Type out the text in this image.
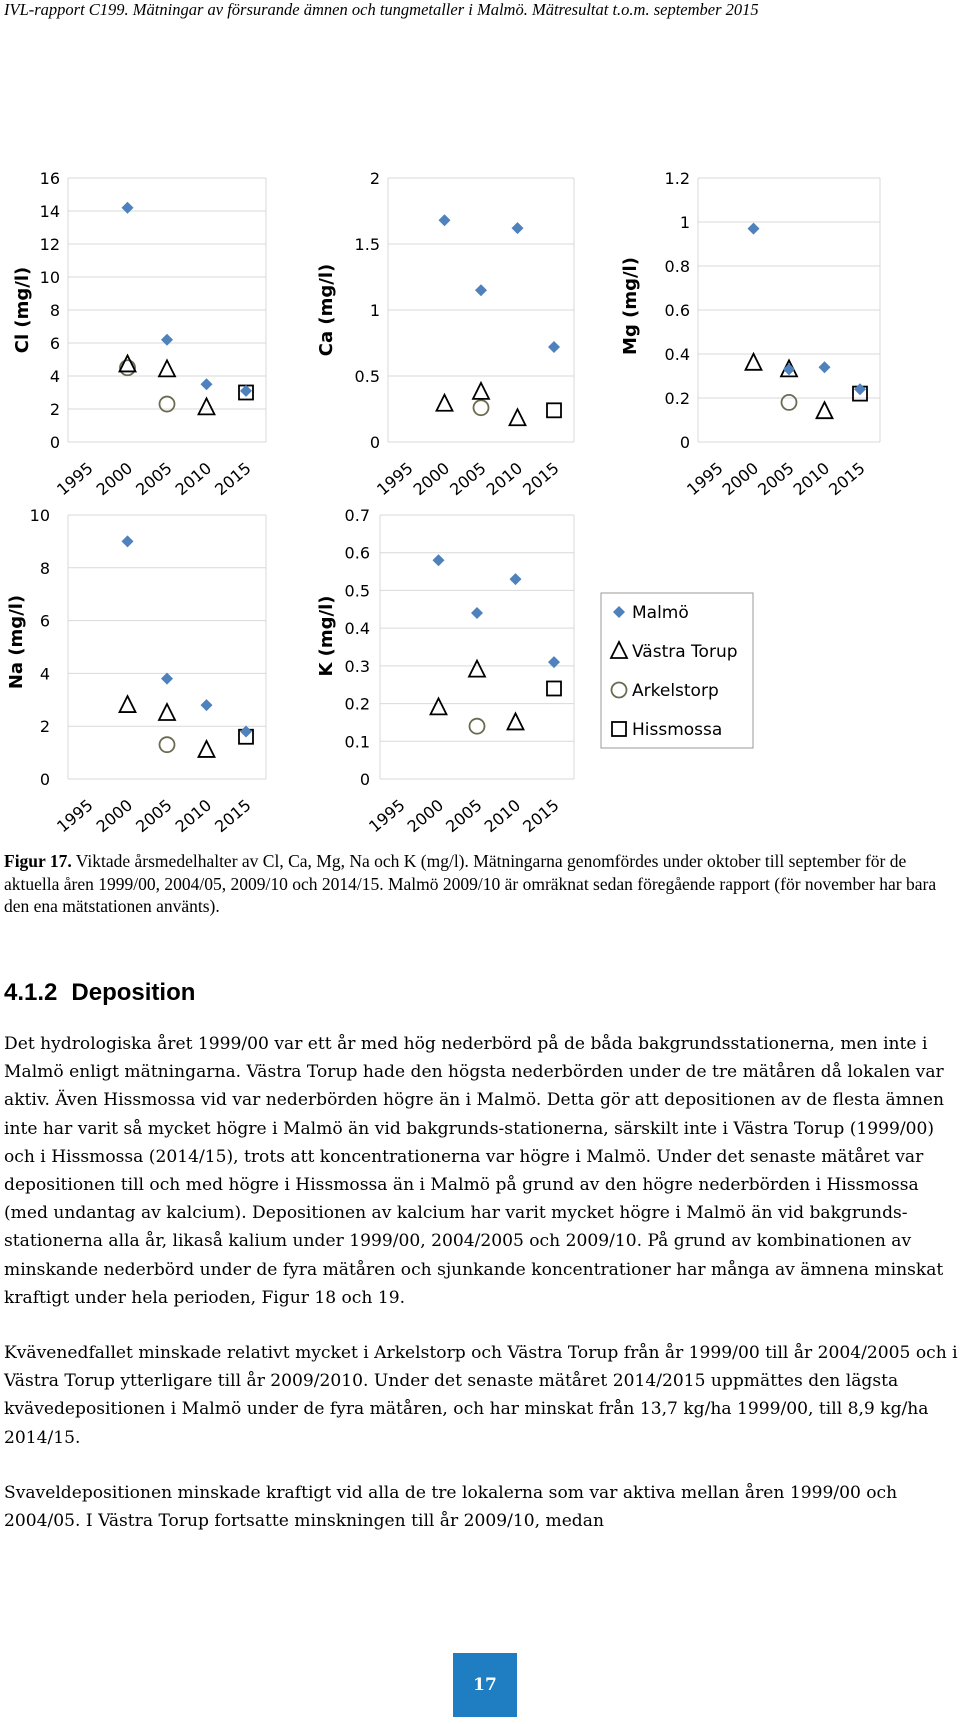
IVL-rapport C199. Mätningar av försurande ämnen och tungmetaller i Malmö. Mätresultat t.o.m. september 2015
0
2
4
6
8
10
12
14
16
1995
2000
2005
2010
2015
Cl (mg/l)
0
0.5
1
1.5
2
1995
2000
2005
2010
2015
Ca (mg/l)
0
0.2
0.4
0.6
0.8
1
1.2
1995
2000
2005
2010
2015
Mg (mg/l)
0
2
4
6
8
10
1995
2000
2005
2010
2015
Na (mg/l)
0
0.1
0.2
0.3
0.4
0.5
0.6
0.7
1995
2000
2005
2010
2015
K (mg/l)	Malmö
Västra Torup
Arkelstorp
Hissmossa
Figur 17. Viktade årsmedelhalter av Cl, Ca, Mg, Na och K (mg/l). Mätningarna genomfördes under oktober till september för de aktuella åren 1999/00, 2004/05, 2009/10 och 2014/15. Malmö 2009/10 är omräknat sedan föregående rapport (för november har bara den ena mätstationen använts).
4.1.2 Deposition

Det hydrologiska året 1999/00 var ett år med hög nederbörd på de båda bakgrundsstationerna, men inte i Malmö enligt mätningarna. Västra Torup hade den högsta nederbörden under de tre mätåren då lokalen var aktiv. Även Hissmossa vid var nederbörden högre än i Malmö. Detta gör att depositionen av de flesta ämnen inte har varit så mycket högre i Malmö än vid bakgrunds-stationerna, särskilt inte i Västra Torup (1999/00) och i Hissmossa (2014/15), trots att koncentrationerna var högre i Malmö. Under det senaste mätåret var depositionen till och med högre i Hissmossa än i Malmö på grund av den högre nederbörden i Hissmossa (med undantag av kalcium). Depositionen av kalcium har varit mycket högre i Malmö än vid bakgrunds-stationerna alla år, likaså kalium under 1999/00, 2004/2005 och 2009/10. På grund av kombinationen av minskande nederbörd under de fyra mätåren och sjunkande koncentrationer har många av ämnena minskat kraftigt under hela perioden, Figur 18 och 19.

Kvävenedfallet minskade relativt mycket i Arkelstorp och Västra Torup från år 1999/00 till år 2004/2005 och i Västra Torup ytterligare till år 2009/2010. Under det senaste mätåret 2014/2015 uppmättes den lägsta kvävedepositionen i Malmö under de fyra mätåren, och har minskat från 13,7 kg/ha 1999/00, till 8,9 kg/ha 2014/15.

Svaveldepositionen minskade kraftigt vid alla de tre lokalerna som var aktiva mellan åren 1999/00 och 2004/05. I Västra Torup fortsatte minskningen till år 2009/10, medan

17
